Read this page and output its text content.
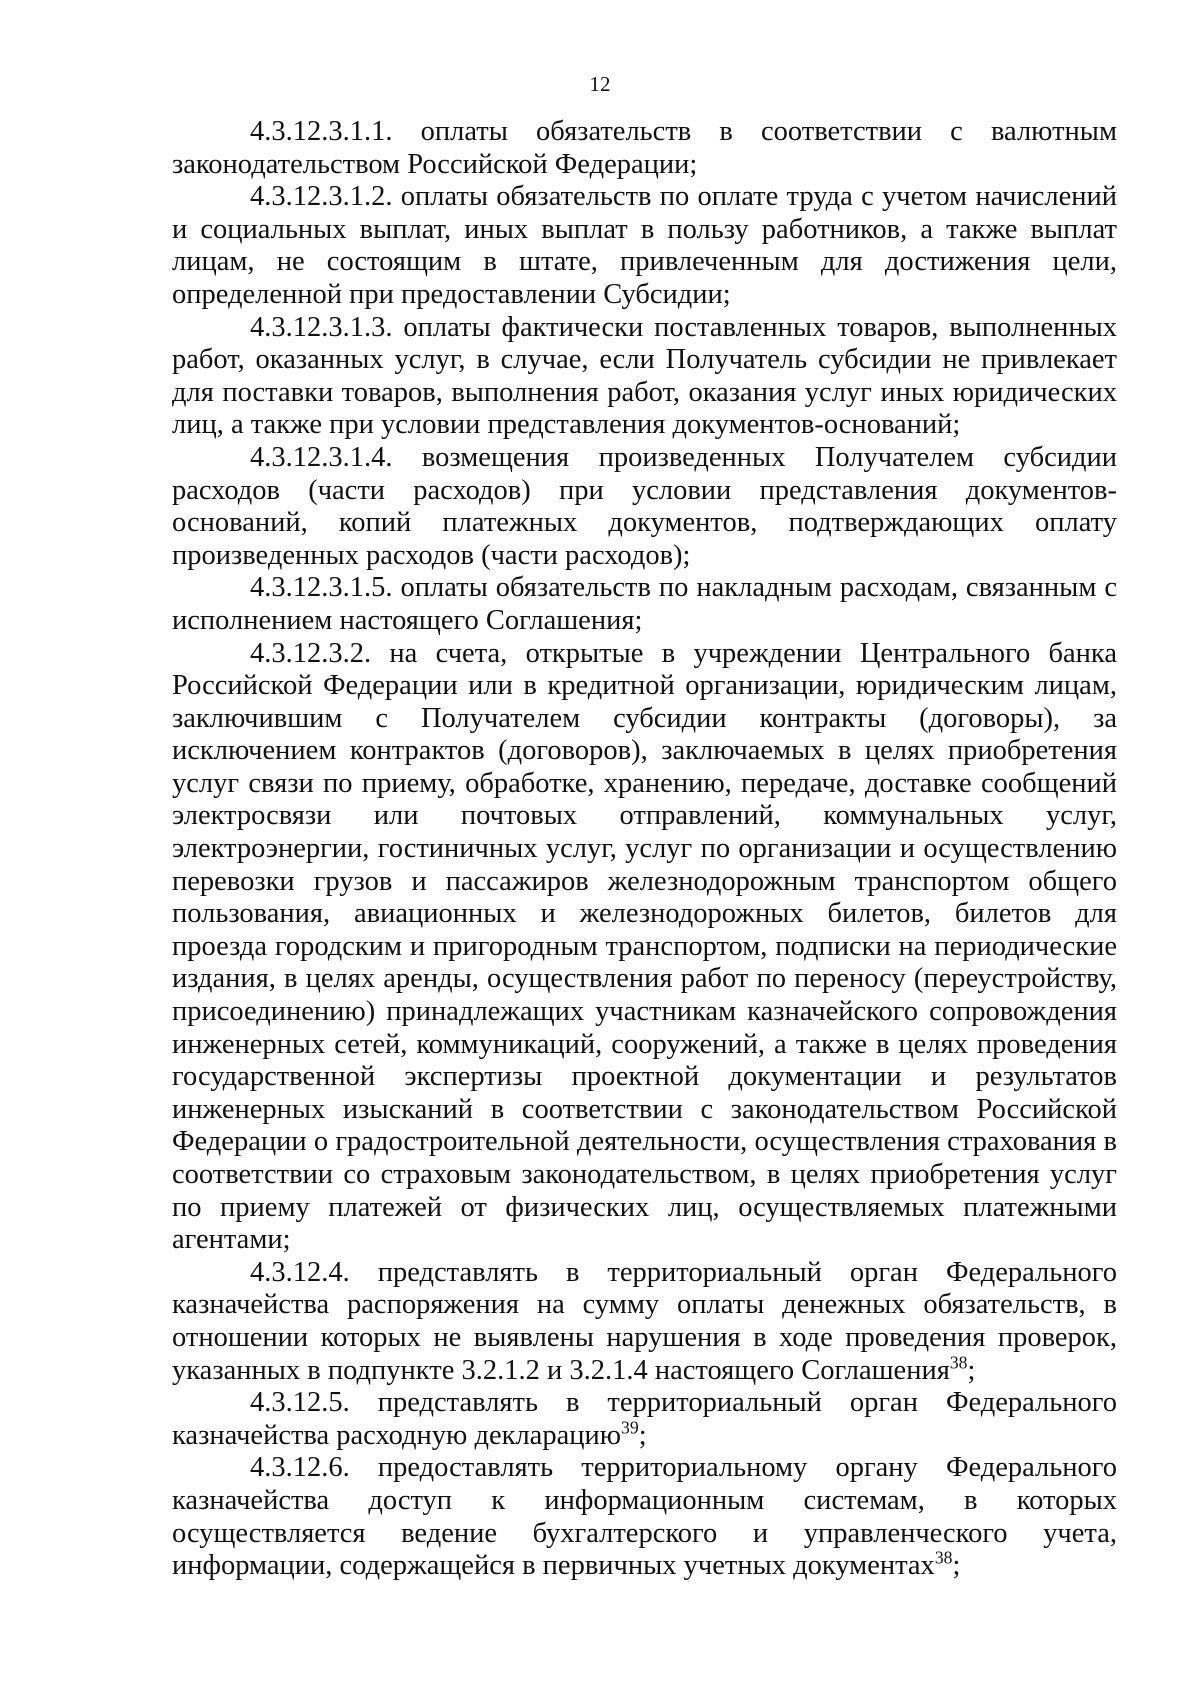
12

4.3.12.3.1.1. оплаты обязательств в соответствии с валютным законодательством Российской Федерации;

4.3.12.3.1.2. оплаты обязательств по оплате труда с учетом начислений и социальных выплат, иных выплат в пользу работников, а также выплат лицам, не состоящим в штате, привлеченным для достижения цели, определенной при предоставлении Субсидии;

4.3.12.3.1.3. оплаты фактически поставленных товаров, выполненных работ, оказанных услуг, в случае, если Получатель субсидии не привлекает для поставки товаров, выполнения работ, оказания услуг иных юридических лиц, а также при условии представления документов-оснований;

4.3.12.3.1.4. возмещения произведенных Получателем субсидии расходов (части расходов) при условии представления документов-оснований, копий платежных документов, подтверждающих оплату произведенных расходов (части расходов);

4.3.12.3.1.5. оплаты обязательств по накладным расходам, связанным с исполнением настоящего Соглашения;

4.3.12.3.2. на счета, открытые в учреждении Центрального банка Российской Федерации или в кредитной организации, юридическим лицам, заключившим с Получателем субсидии контракты (договоры), за исключением контрактов (договоров), заключаемых в целях приобретения услуг связи по приему, обработке, хранению, передаче, доставке сообщений электросвязи или почтовых отправлений, коммунальных услуг, электроэнергии, гостиничных услуг, услуг по организации и осуществлению перевозки грузов и пассажиров железнодорожным транспортом общего пользования, авиационных и железнодорожных билетов, билетов для проезда городским и пригородным транспортом, подписки на периодические издания, в целях аренды, осуществления работ по переносу (переустройству, присоединению) принадлежащих участникам казначейского сопровождения инженерных сетей, коммуникаций, сооружений, а также в целях проведения государственной экспертизы проектной документации и результатов инженерных изысканий в соответствии с законодательством Российской Федерации о градостроительной деятельности, осуществления страхования в соответствии со страховым законодательством, в целях приобретения услуг по приему платежей от физических лиц, осуществляемых платежными агентами;

4.3.12.4. представлять в территориальный орган Федерального казначейства распоряжения на сумму оплаты денежных обязательств, в отношении которых не выявлены нарушения в ходе проведения проверок, указанных в подпункте 3.2.1.2 и 3.2.1.4 настоящего Соглашения$^{38}$;

4.3.12.5. представлять в территориальный орган Федерального казначейства расходную декларацию$^{39}$;

4.3.12.6. предоставлять территориальному органу Федерального казначейства доступ к информационным системам, в которых осуществляется ведение бухгалтерского и управленческого учета, информации, содержащейся в первичных учетных документах$^{38}$;
